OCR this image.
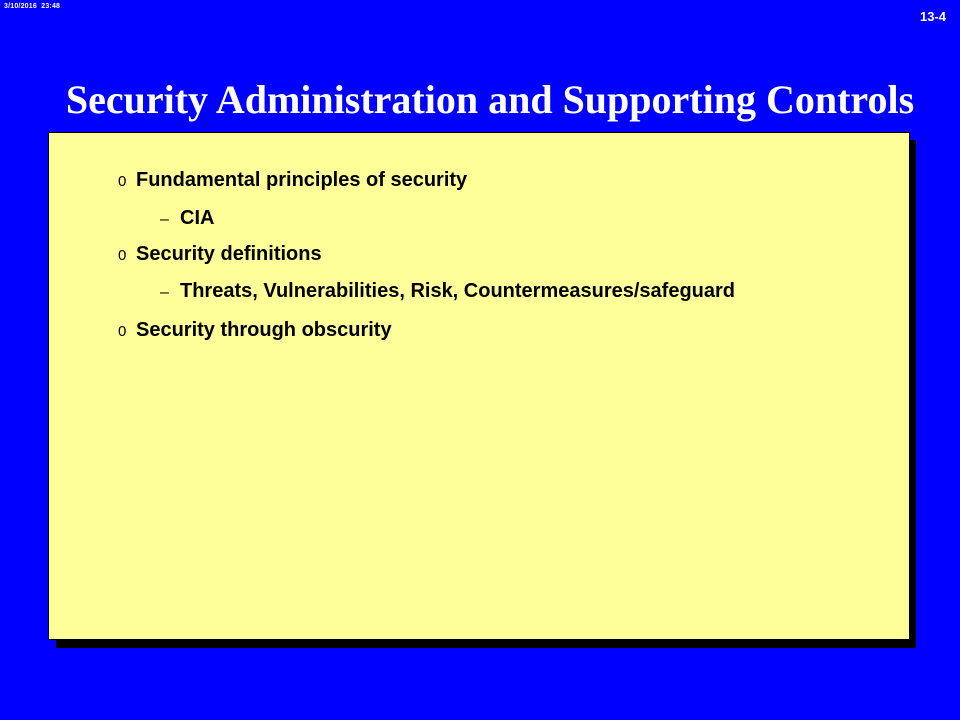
3/10/2016  23:48
13-4
Security Administration and Supporting Controls
0 Fundamental principles of security
– CIA
0 Security definitions
– Threats, Vulnerabilities, Risk, Countermeasures/safeguard
0 Security through obscurity
